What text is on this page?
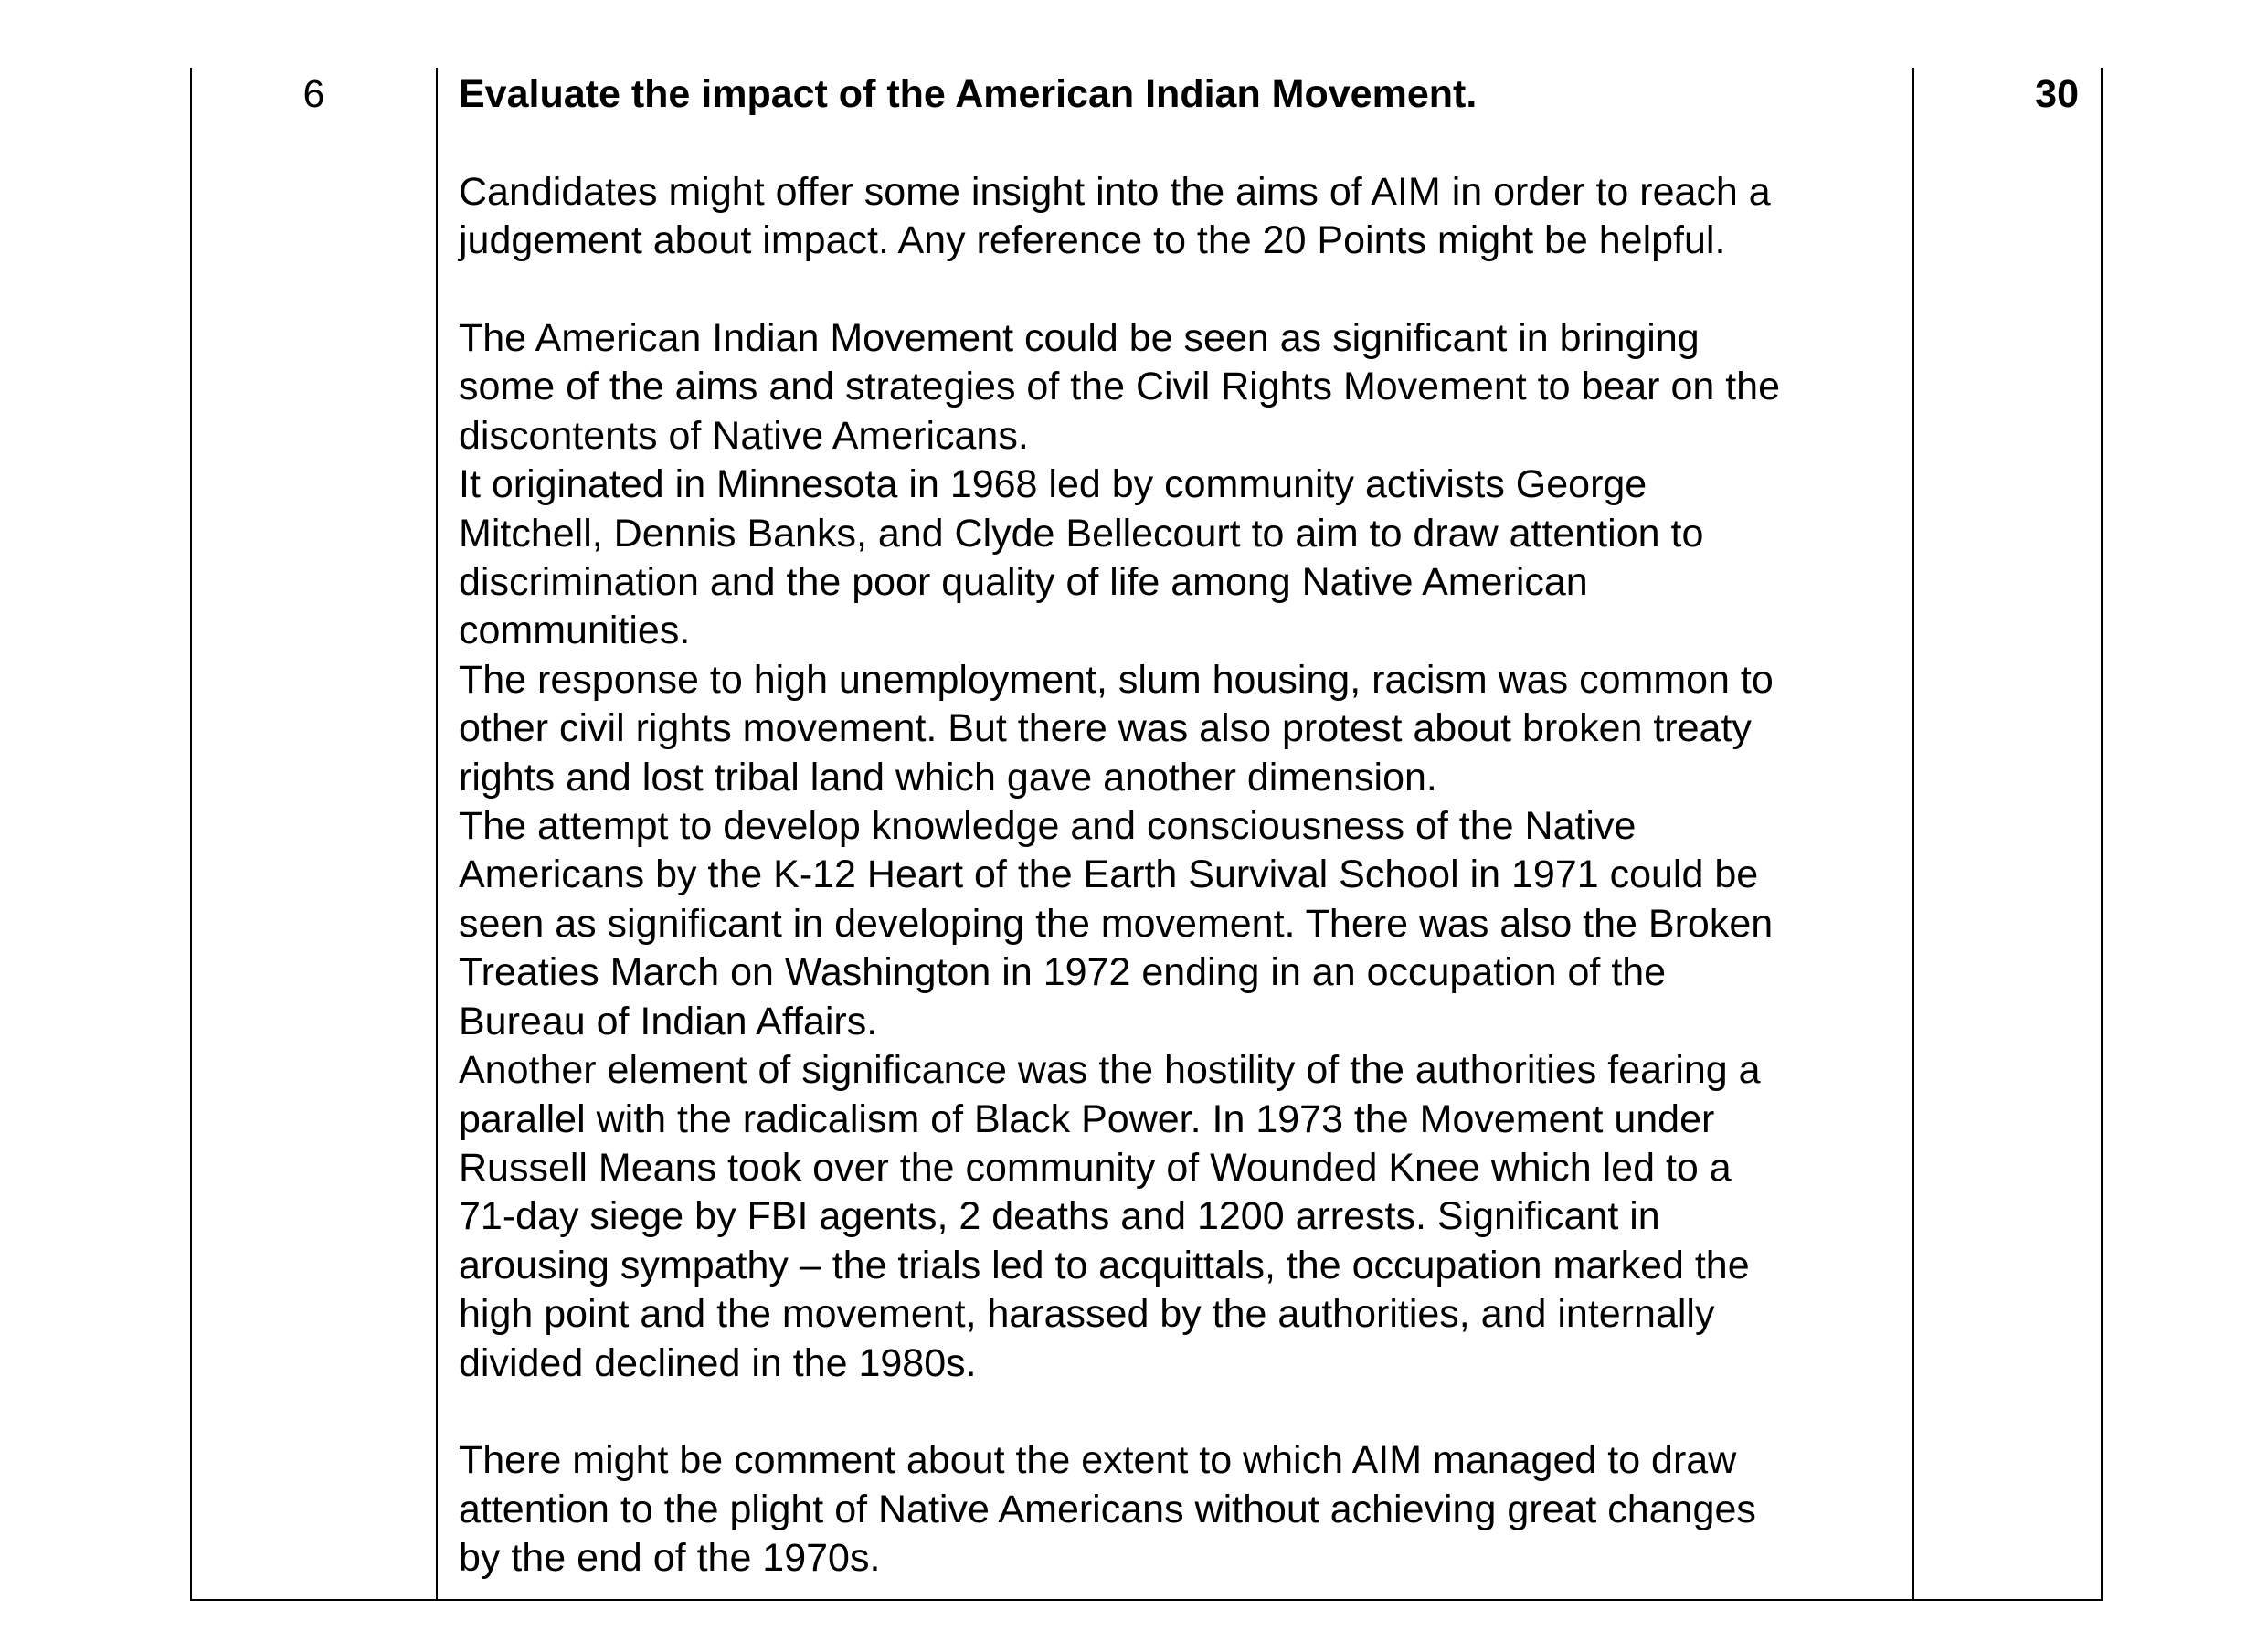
6	Evaluate the impact of the American Indian Movement.

Candidates might offer some insight into the aims of AIM in order to reach a
judgement about impact. Any reference to the 20 Points might be helpful.

The American Indian Movement could be seen as significant in bringing
some of the aims and strategies of the Civil Rights Movement to bear on the
discontents of Native Americans.
It originated in Minnesota in 1968 led by community activists George
Mitchell, Dennis Banks, and Clyde Bellecourt to aim to draw attention to
discrimination and the poor quality of life among Native American
communities.
The response to high unemployment, slum housing, racism was common to
other civil rights movement. But there was also protest about broken treaty
rights and lost tribal land which gave another dimension.
The attempt to develop knowledge and consciousness of the Native
Americans by the K-12 Heart of the Earth Survival School in 1971 could be
seen as significant in developing the movement. There was also the Broken
Treaties March on Washington in 1972 ending in an occupation of the
Bureau of Indian Affairs.
Another element of significance was the hostility of the authorities fearing a
parallel with the radicalism of Black Power. In 1973 the Movement under
Russell Means took over the community of Wounded Knee which led to a
71-day siege by FBI agents, 2 deaths and 1200 arrests. Significant in
arousing sympathy – the trials led to acquittals, the occupation marked the
high point and the movement, harassed by the authorities, and internally
divided declined in the 1980s.

There might be comment about the extent to which AIM managed to draw
attention to the plight of Native Americans without achieving great changes
by the end of the 1970s.

30
